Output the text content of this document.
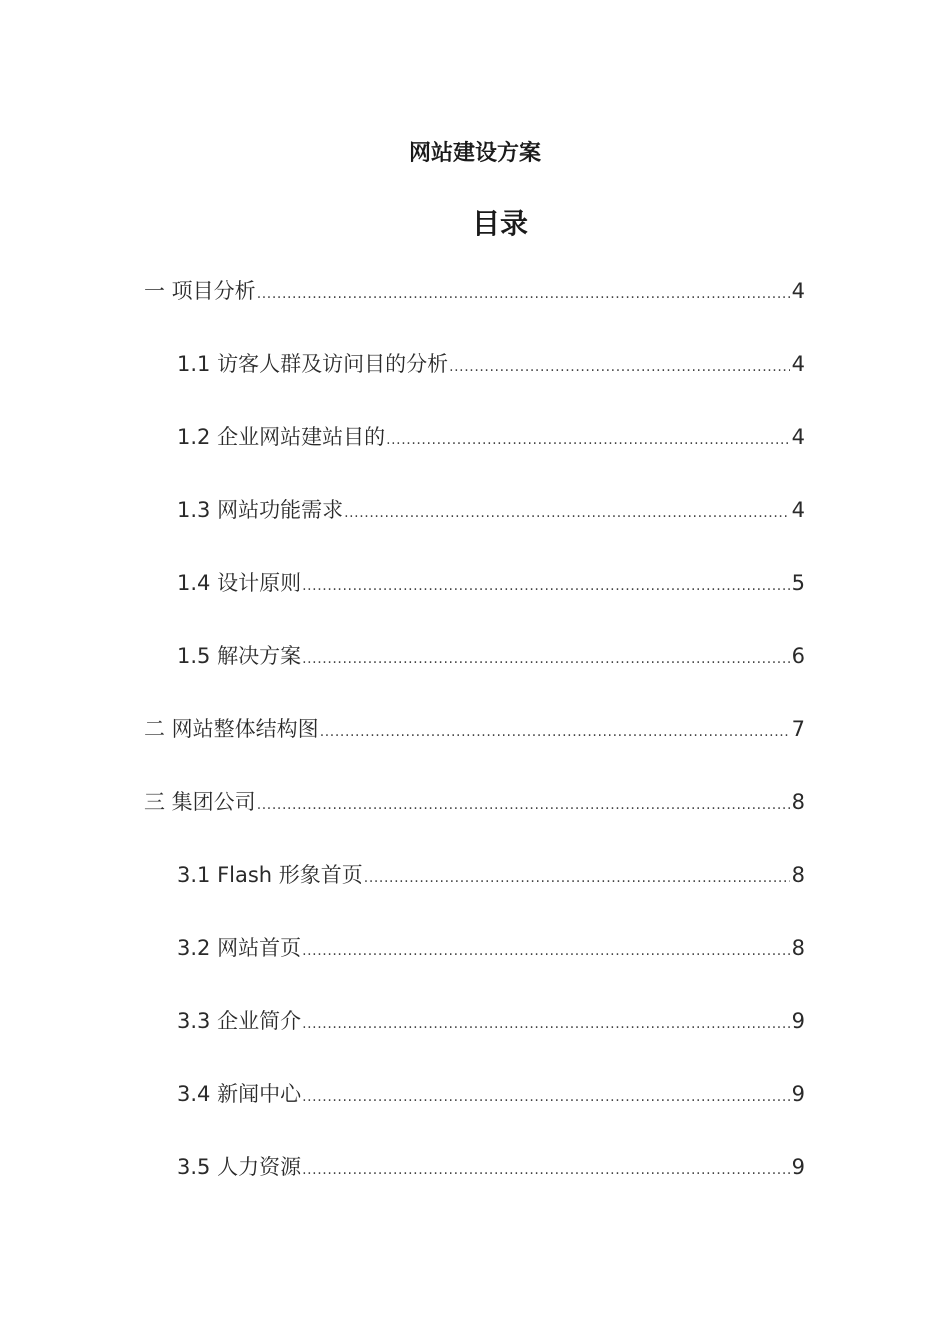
网站建设方案
目录
一 项目分析 .....	4
1.1 访客人群及访问目的分析 .....	4
1.2 企业网站建站目的 .....	4
1.3 网站功能需求 .....	4
1.4 设计原则 .....	5
1.5 解决方案 .....	6
二 网站整体结构图 .....	7
三 集团公司 .....	8
3.1 Flash 形象首页 .....	8
3.2 网站首页 .....	8
3.3 企业简介 .....	9
3.4 新闻中心 .....	9
3.5 人力资源 .....	9
